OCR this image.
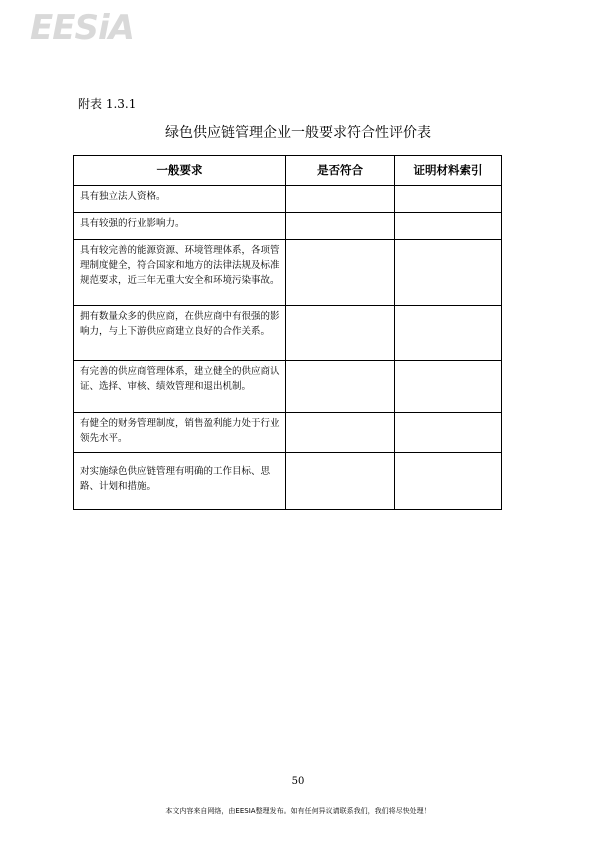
EESiA
附表 1.3.1
绿色供应链管理企业一般要求符合性评价表
一般要求	是否符合	证明材料索引
具有独立法人资格。		
具有较强的行业影响力。		
具有较完善的能源资源、环境管理体系，各项管理制度健全，符合国家和地方的法律法规及标准规范要求，近三年无重大安全和环境污染事故。		
拥有数量众多的供应商，在供应商中有很强的影响力，与上下游供应商建立良好的合作关系。		
有完善的供应商管理体系，建立健全的供应商认证、选择、审核、绩效管理和退出机制。		
有健全的财务管理制度，销售盈利能力处于行业领先水平。		
对实施绿色供应链管理有明确的工作目标、思路、计划和措施。		
50
本文内容来自网络，由EESIA整理发布。如有任何异议请联系我们，我们将尽快处理！
